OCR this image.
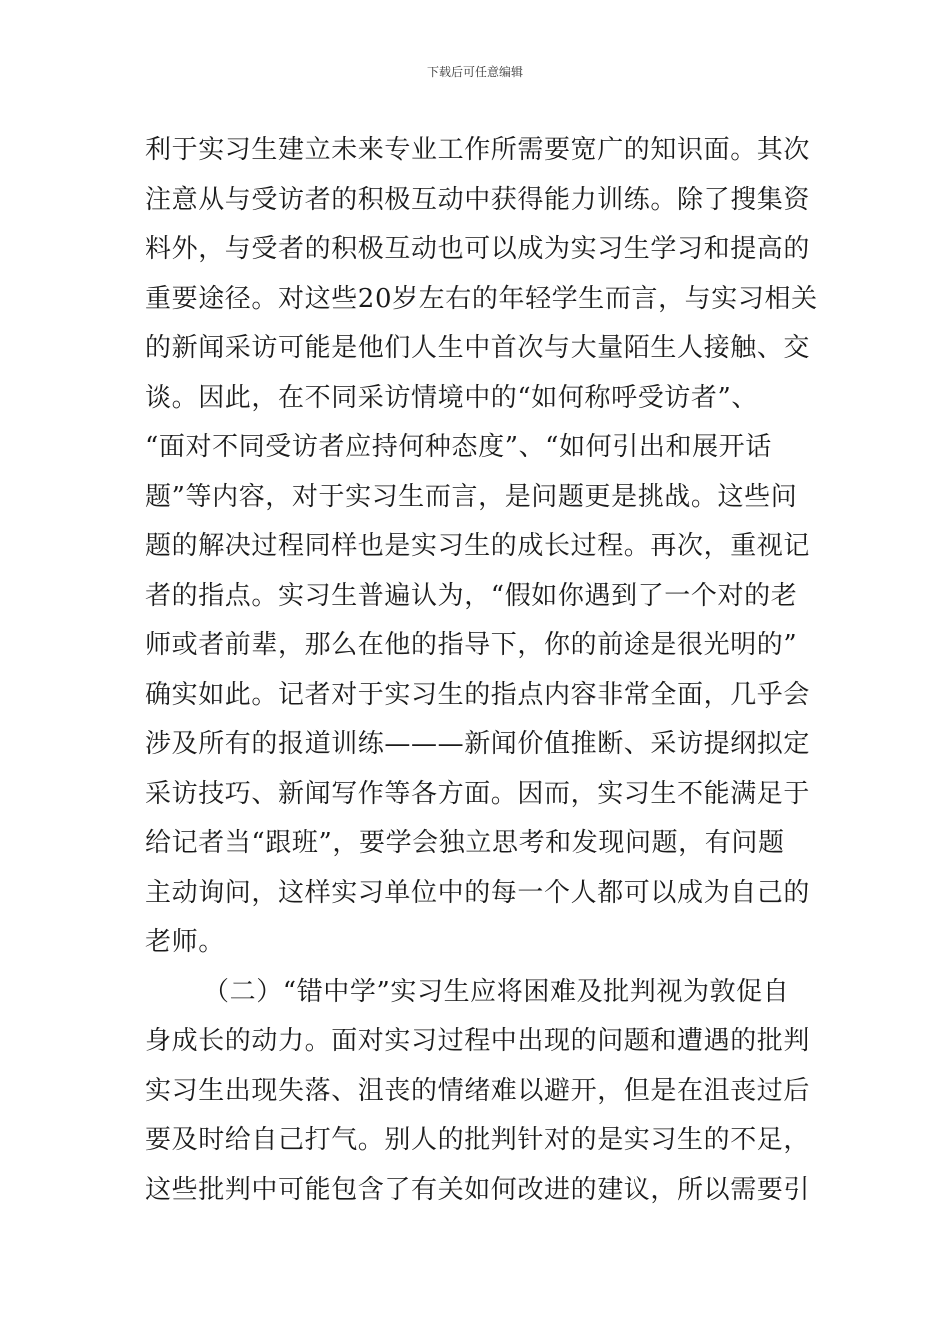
下载后可任意编辑
利于实习生建立未来专业工作所需要宽广的知识面。其次
注意从与受访者的积极互动中获得能力训练。除了搜集资
料外，与受者的积极互动也可以成为实习生学习和提高的
重要途径。对这些20岁左右的年轻学生而言，与实习相关
的新闻采访可能是他们人生中首次与大量陌生人接触、交
谈。因此，在不同采访情境中的“如何称呼受访者”、
“面对不同受访者应持何种态度”、“如何引出和展开话
题”等内容，对于实习生而言，是问题更是挑战。这些问
题的解决过程同样也是实习生的成长过程。再次，重视记
者的指点。实习生普遍认为，“假如你遇到了一个对的老
师或者前辈，那么在他的指导下，你的前途是很光明的”
确实如此。记者对于实习生的指点内容非常全面，几乎会
涉及所有的报道训练———新闻价值推断、采访提纲拟定
采访技巧、新闻写作等各方面。因而，实习生不能满足于
给记者当“跟班”，要学会独立思考和发现问题，有问题
主动询问，这样实习单位中的每一个人都可以成为自己的
老师。
（二）“错中学”实习生应将困难及批判视为敦促自
身成长的动力。面对实习过程中出现的问题和遭遇的批判
实习生出现失落、沮丧的情绪难以避开，但是在沮丧过后
要及时给自己打气。别人的批判针对的是实习生的不足，
这些批判中可能包含了有关如何改进的建议，所以需要引
